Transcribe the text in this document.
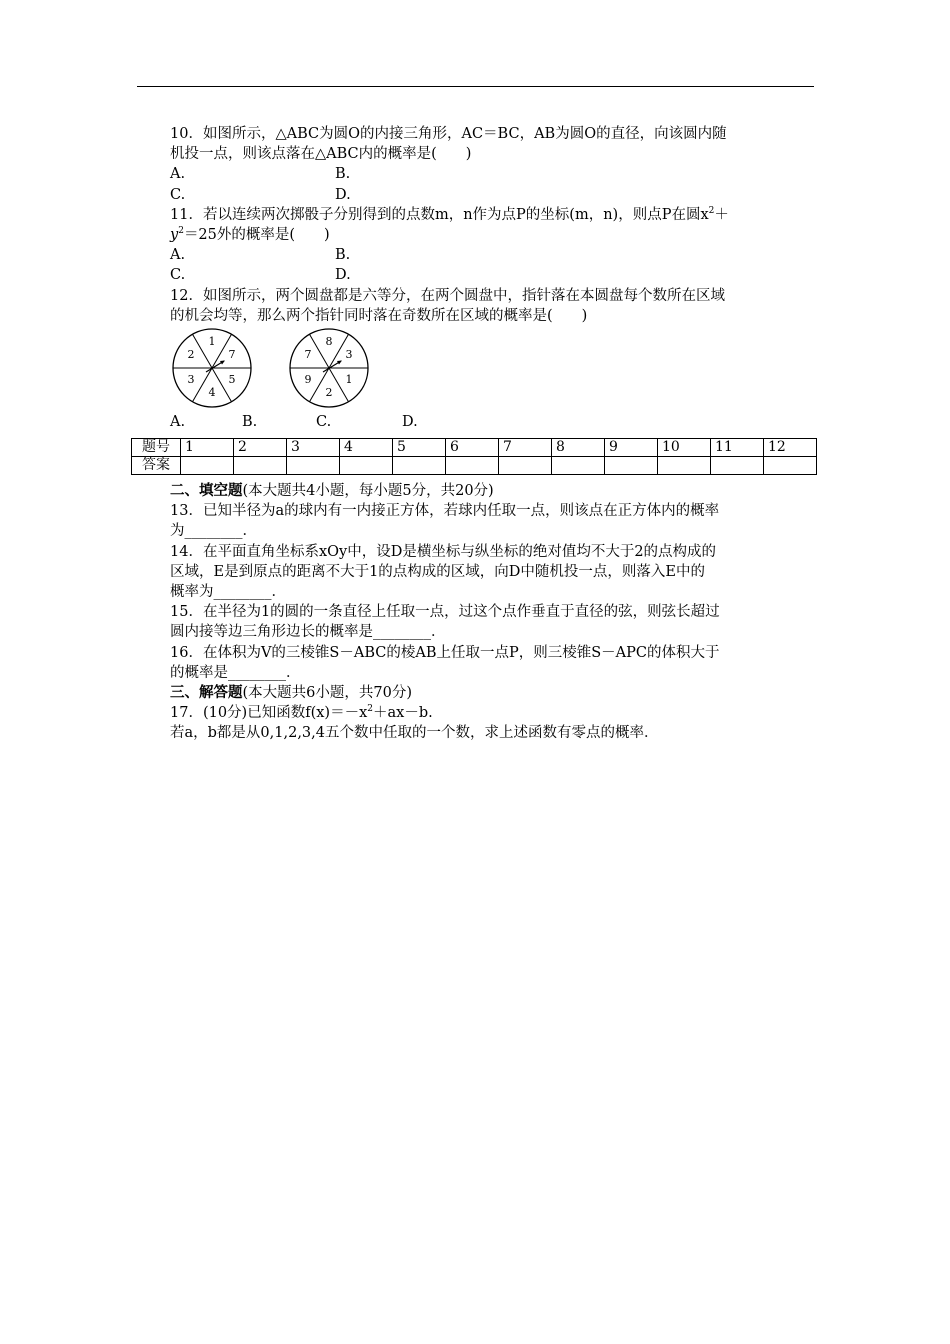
10．如图所示，△ABC为圆O的内接三角形，AC＝BC，AB为圆O的直径，向该圆内随
机投一点，则该点落在△ABC内的概率是(　　)
A.	B.
C.	D.
11．若以连续两次掷骰子分别得到的点数m，n作为点P的坐标(m，n)，则点P在圆$x^2+$
$y^2=25$外的概率是(　　)
A.	B.
C.	D.
12．如图所示，两个圆盘都是六等分，在两个圆盘中，指针落在本圆盘每个数所在区域
的机会均等，那么两个指针同时落在奇数所在区域的概率是(　　)
1
7
5
4
3
2
8
3
1
2
9
7
A.	B.	C.	D.
题号	1	2	3	4	5	6	7	8	9	10	11	12
答案												
二、填空题(本大题共4小题，每小题5分，共20分)
13．已知半径为a的球内有一内接正方体，若球内任取一点，则该点在正方体内的概率
为________．
14．在平面直角坐标系xOy中，设D是横坐标与纵坐标的绝对值均不大于2的点构成的
区域，E是到原点的距离不大于1的点构成的区域，向D中随机投一点，则落入E中的
概率为________．
15．在半径为1的圆的一条直径上任取一点，过这个点作垂直于直径的弦，则弦长超过
圆内接等边三角形边长的概率是________．
16．在体积为V的三棱锥S－ABC的棱AB上任取一点P，则三棱锥S－APC的体积大于
的概率是________．
三、解答题(本大题共6小题，共70分)
17．(10分)已知函数$f(x)=-x^2+ax-b$.
若a，b都是从0,1,2,3,4五个数中任取的一个数，求上述函数有零点的概率．
